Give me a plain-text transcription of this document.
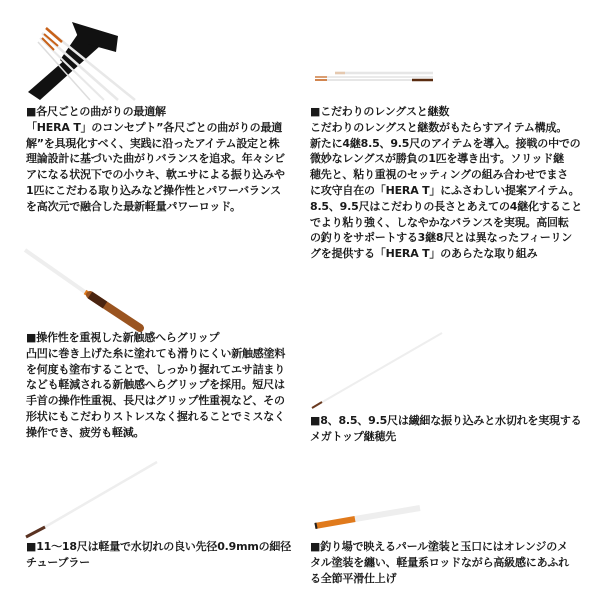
■各尺ごとの曲がりの最適解
「HERA T」のコンセプト”各尺ごとの曲がりの最適
解”を具現化すべく、実践に沿ったアイテム設定と株
理論設計に基づいた曲がりバランスを追求。年々シビ
アになる状況下での小ウキ、軟エサによる振り込みや
1匹にこだわる取り込みなど操作性とパワーバランス
を高次元で融合した最新軽量パワーロッド。
■こだわりのレングスと継数
こだわりのレングスと継数がもたらすアイテム構成。
新たに4継8.5、9.5尺のアイテムを導入。接戦の中での
微妙なレングスが勝負の1匹を導き出す。ソリッド継
穂先と、粘り重視のセッティングの組み合わせでまさ
に攻守自在の「HERA T」にふさわしい提案アイテム。
8.5、9.5尺はこだわりの長さとあえての4継化すること
でより粘り強く、しなやかなバランスを実現。高回転
の釣りをサポートする3継8尺とは異なったフィーリン
グを提供する「HERA T」のあらたな取り組み
■操作性を重視した新触感へらグリップ
凸凹に巻き上げた糸に塗れても滑りにくい新触感塗料
を何度も塗布することで、しっかり握れてエサ詰まり
なども軽減される新触感へらグリップを採用。短尺は
手首の操作性重視、長尺はグリップ性重視など、その
形状にもこだわりストレスなく握れることでミスなく
操作でき、疲労も軽減。
■8、8.5、9.5尺は繊細な振り込みと水切れを実現する
メガトップ継穂先
■11～18尺は軽量で水切れの良い先径0.9mmの細径
チューブラー
■釣り場で映えるパール塗装と玉口にはオレンジのメ
タル塗装を纏い、軽量系ロッドながら高級感にあふれ
る全節平滑仕上げ
